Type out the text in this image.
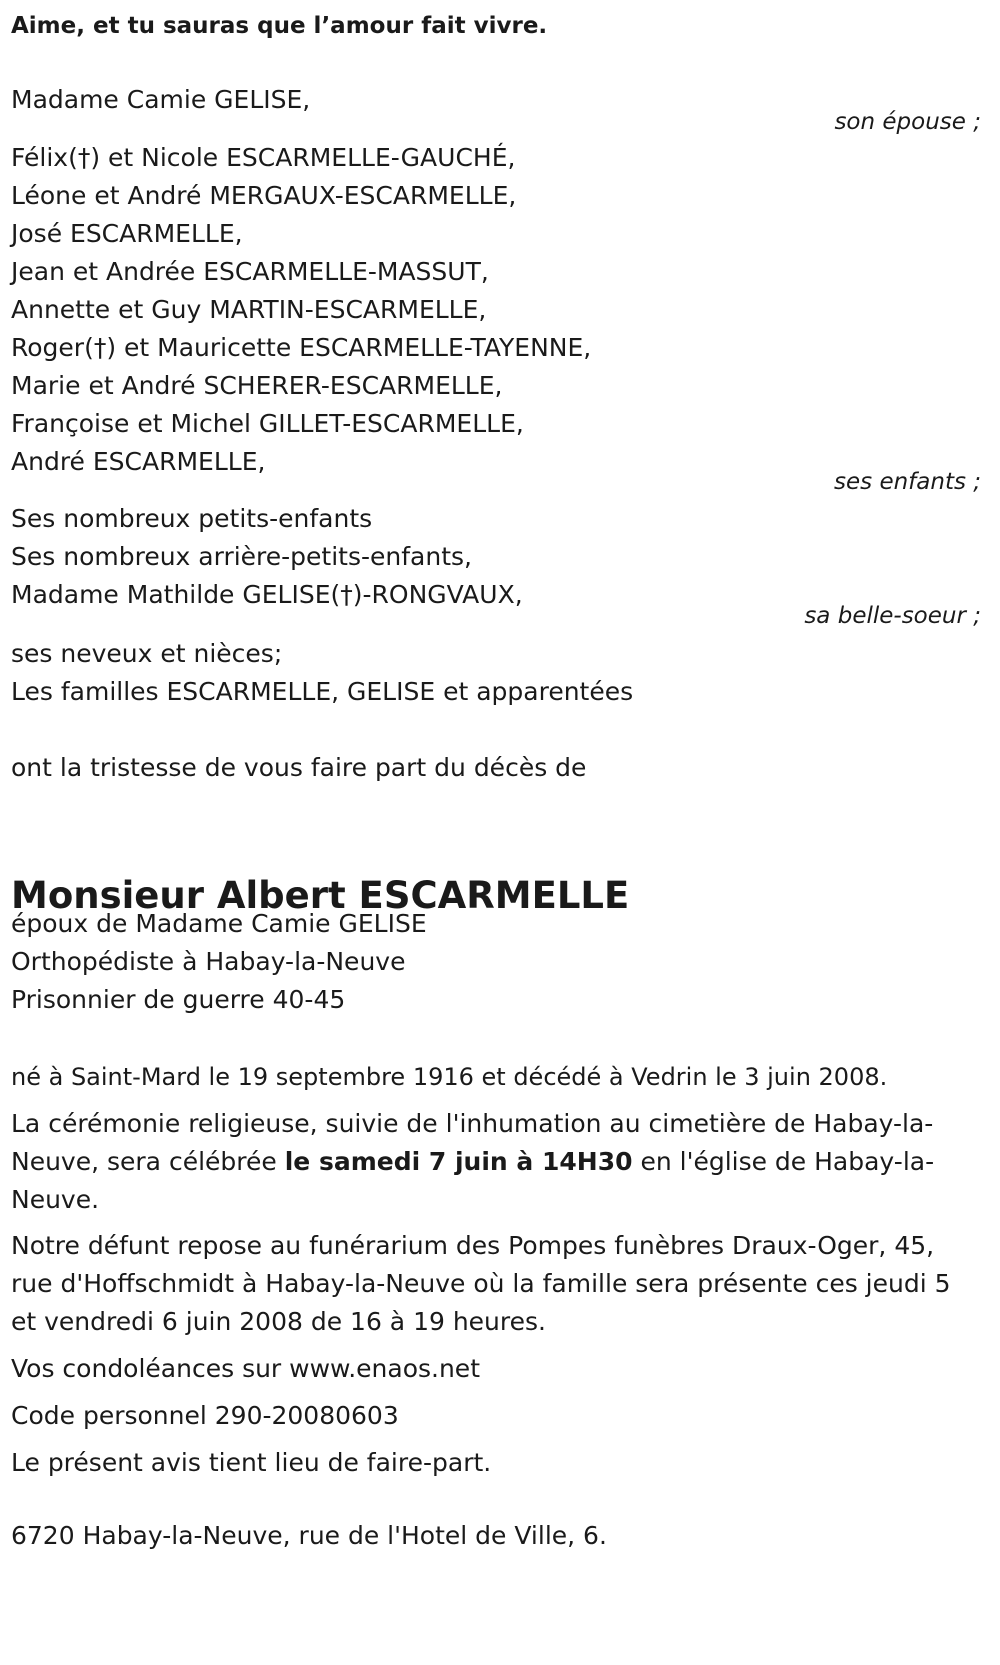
Aime, et tu sauras que l’amour fait vivre.
Madame Camie GELISE,
son épouse ;
Félix(†) et Nicole ESCARMELLE-GAUCHÉ,
Léone et André MERGAUX-ESCARMELLE,
José ESCARMELLE,
Jean et Andrée ESCARMELLE-MASSUT,
Annette et Guy MARTIN-ESCARMELLE,
Roger(†) et Mauricette ESCARMELLE-TAYENNE,
Marie et André SCHERER-ESCARMELLE,
Françoise et Michel GILLET-ESCARMELLE,
André ESCARMELLE,
ses enfants ;
Ses nombreux petits-enfants
Ses nombreux arrière-petits-enfants,
Madame Mathilde GELISE(†)-RONGVAUX,
sa belle-soeur ;
ses neveux et nièces;
Les familles ESCARMELLE, GELISE et apparentées
ont la tristesse de vous faire part du décès de
Monsieur Albert ESCARMELLE
époux de Madame Camie GELISE
Orthopédiste à Habay-la-Neuve
Prisonnier de guerre 40-45
né à Saint-Mard le 19 septembre 1916 et décédé à Vedrin le 3 juin 2008.
La cérémonie religieuse, suivie de l'inhumation au cimetière de Habay-la-Neuve, sera célébrée le samedi 7 juin à 14H30 en l'église de Habay-la-Neuve.
Notre défunt repose au funérarium des Pompes funèbres Draux-Oger, 45, rue d'Hoffschmidt à Habay-la-Neuve où la famille sera présente ces jeudi 5 et vendredi 6 juin 2008 de 16 à 19 heures.
Vos condoléances sur www.enaos.net
Code personnel 290-20080603
Le présent avis tient lieu de faire-part.
6720 Habay-la-Neuve, rue de l'Hotel de Ville, 6.
